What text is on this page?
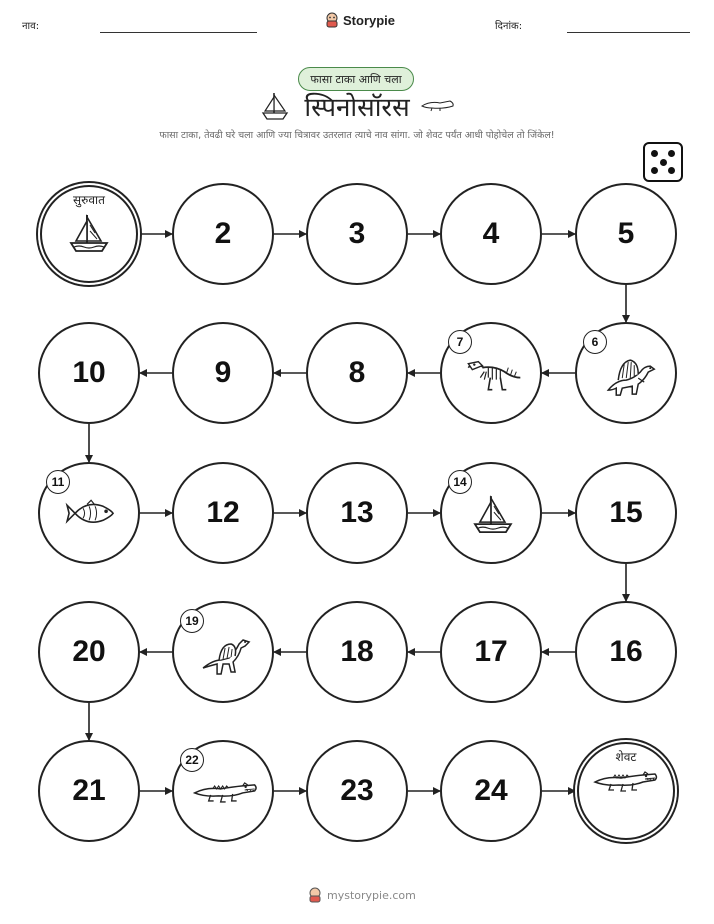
नाव:	Storypie	दिनांक:
फासा टाका आणि चला
स्पिनोसॉरस
फासा टाका, तेवढी घरे चला आणि ज्या चित्रावर उतरलात त्याचे नाव सांगा. जो शेवट पर्यंत आधी पोहोचेल तो जिंकेल!
सुरुवात
2	3	4	5
6
7
8
9
10
11
12	13
14
15
16
17
18
19
20
21
22
23	24
शेवट
mystorypie.com
